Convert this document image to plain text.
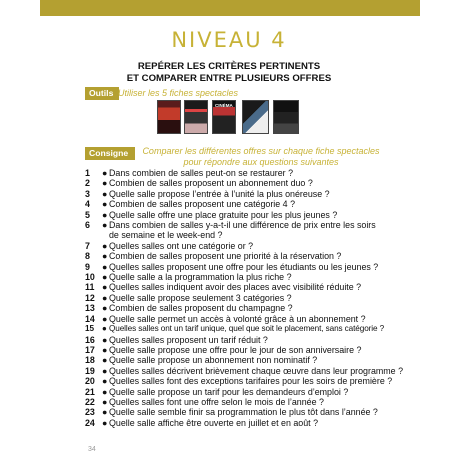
NIVEAU 4
REPÉRER LES CRITÈRES PERTINENTS
ET COMPARER ENTRE PLUSIEURS OFFRES
Outils Utiliser les 5 fiches spectacles
CINÉMA
Consigne	Comparer les différentes offres sur chaque fiche spectacles
pour répondre aux questions suivantes
1	● Dans combien de salles peut-on se restaurer ?
2	● Combien de salles proposent un abonnement duo ?
3	● Quelle salle propose l’entrée à l’unité la plus onéreuse ?
4	● Combien de salles proposent une catégorie 4 ?
5	● Quelle salle offre une place gratuite pour les plus jeunes ?
6	● Dans combien de salles y-a-t-il une différence de prix entre les soirs
de semaine et le week-end ?
7	● Quelles salles ont une catégorie or ?
8	● Combien de salles proposent une priorité à la réservation ?
9	● Quelles salles proposent une offre pour les étudiants ou les jeunes ?
10 ● Quelle salle a la programmation la plus riche ?
11 ● Quelles salles indiquent avoir des places avec visibilité réduite ?
12 ● Quelle salle propose seulement 3 catégories ?
13 ● Combien de salles proposent du champagne ?
14 ● Quelle salle permet un accès à volonté grâce à un abonnement ?
15 ● Quelles salles ont un tarif unique, quel que soit le placement, sans catégorie ?
16 ● Quelles salles proposent un tarif réduit ?
17 ● Quelle salle propose une offre pour le jour de son anniversaire ?
18 ● Quelle salle propose un abonnement non nominatif ?
19 ● Quelles salles décrivent brièvement chaque œuvre dans leur programme ?
20 ● Quelles salles font des exceptions tarifaires pour les soirs de première ?
21 ● Quelle salle propose un tarif pour les demandeurs d’emploi ?
22 ● Quelles salles font une offre selon le mois de l’année ?
23 ● Quelle salle semble finir sa programmation le plus tôt dans l’année ?
24 ● Quelle salle affiche être ouverte en juillet et en août ?
34
